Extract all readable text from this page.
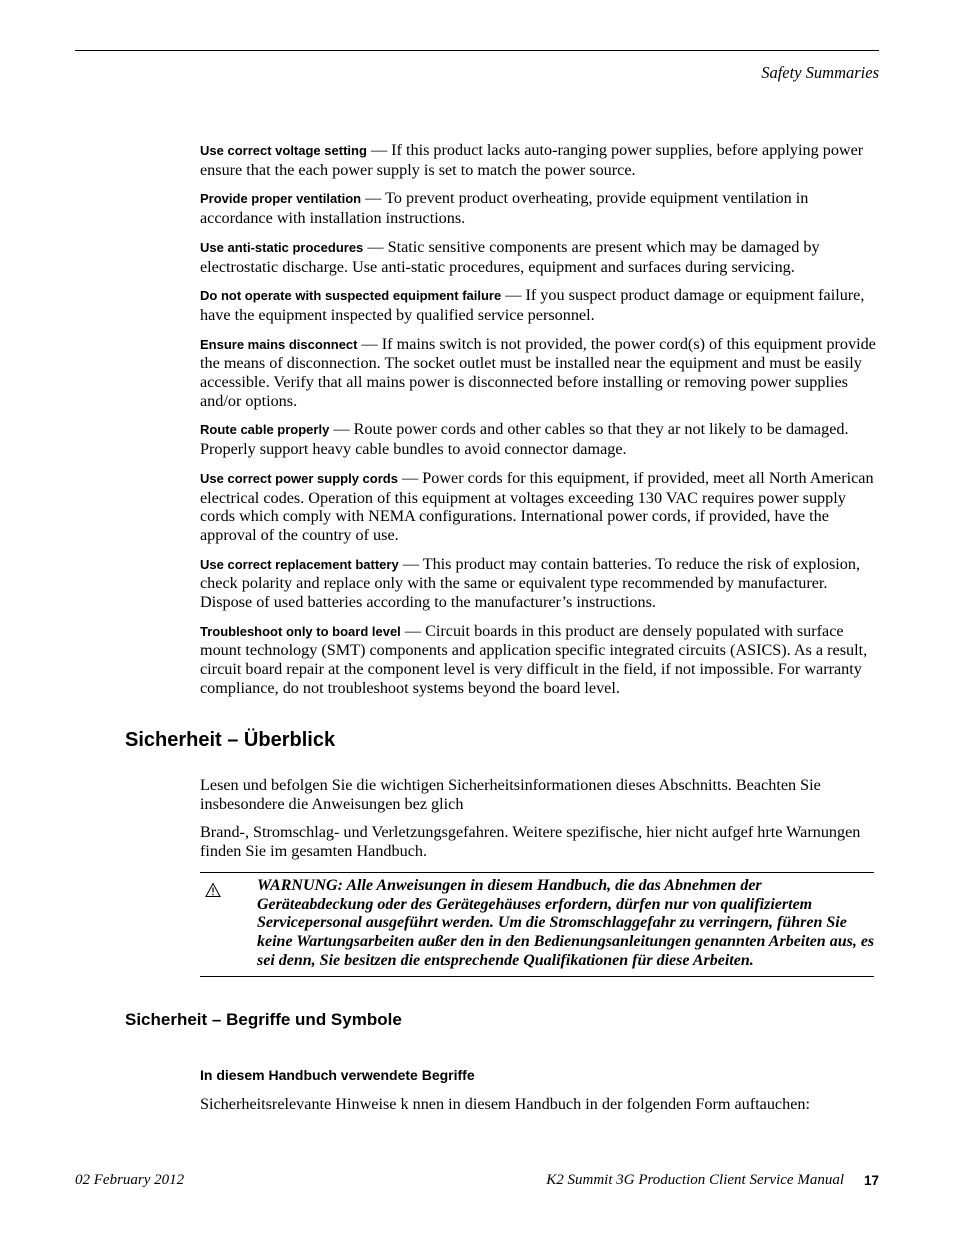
Safety Summaries

Use correct voltage setting — If this product lacks auto-ranging power supplies, before applying power ensure that the each power supply is set to match the power source.

Provide proper ventilation — To prevent product overheating, provide equipment ventilation in accordance with installation instructions.

Use anti-static procedures — Static sensitive components are present which may be damaged by electrostatic discharge. Use anti-static procedures, equipment and surfaces during servicing.

Do not operate with suspected equipment failure — If you suspect product damage or equipment failure, have the equipment inspected by qualified service personnel.

Ensure mains disconnect — If mains switch is not provided, the power cord(s) of this equipment provide the means of disconnection. The socket outlet must be installed near the equipment and must be easily accessible. Verify that all mains power is disconnected before installing or removing power supplies and/or options.

Route cable properly — Route power cords and other cables so that they ar not likely to be damaged. Properly support heavy cable bundles to avoid connector damage.

Use correct power supply cords — Power cords for this equipment, if provided, meet all North American electrical codes. Operation of this equipment at voltages exceeding 130 VAC requires power supply cords which comply with NEMA configurations. International power cords, if provided, have the approval of the country of use.

Use correct replacement battery — This product may contain batteries. To reduce the risk of explosion, check polarity and replace only with the same or equivalent type recommended by manufacturer. Dispose of used batteries according to the manufacturer’s instructions.

Troubleshoot only to board level — Circuit boards in this product are densely populated with surface mount technology (SMT) components and application specific integrated circuits (ASICS). As a result, circuit board repair at the component level is very difficult in the field, if not impossible. For warranty compliance, do not troubleshoot systems beyond the board level.

Sicherheit – Überblick

Lesen und befolgen Sie die wichtigen Sicherheitsinformationen dieses Abschnitts. Beachten Sie insbesondere die Anweisungen bez glich

Brand-, Stromschlag- und Verletzungsgefahren. Weitere spezifische, hier nicht aufgef hrte Warnungen finden Sie im gesamten Handbuch.

WARNUNG: Alle Anweisungen in diesem Handbuch, die das Abnehmen der Geräteabdeckung oder des Gerätegehäuses erfordern, dürfen nur von qualifiziertem Servicepersonal ausgeführt werden. Um die Stromschlaggefahr zu verringern, führen Sie keine Wartungsarbeiten außer den in den Bedienungsanleitungen genannten Arbeiten aus, es sei denn, Sie besitzen die entsprechende Qualifikationen für diese Arbeiten.

Sicherheit – Begriffe und Symbole
In diesem Handbuch verwendete Begriffe

Sicherheitsrelevante Hinweise k nnen in diesem Handbuch in der folgenden Form auftauchen:

02 February 2012	K2 Summit 3G Production Client Service Manual 17
